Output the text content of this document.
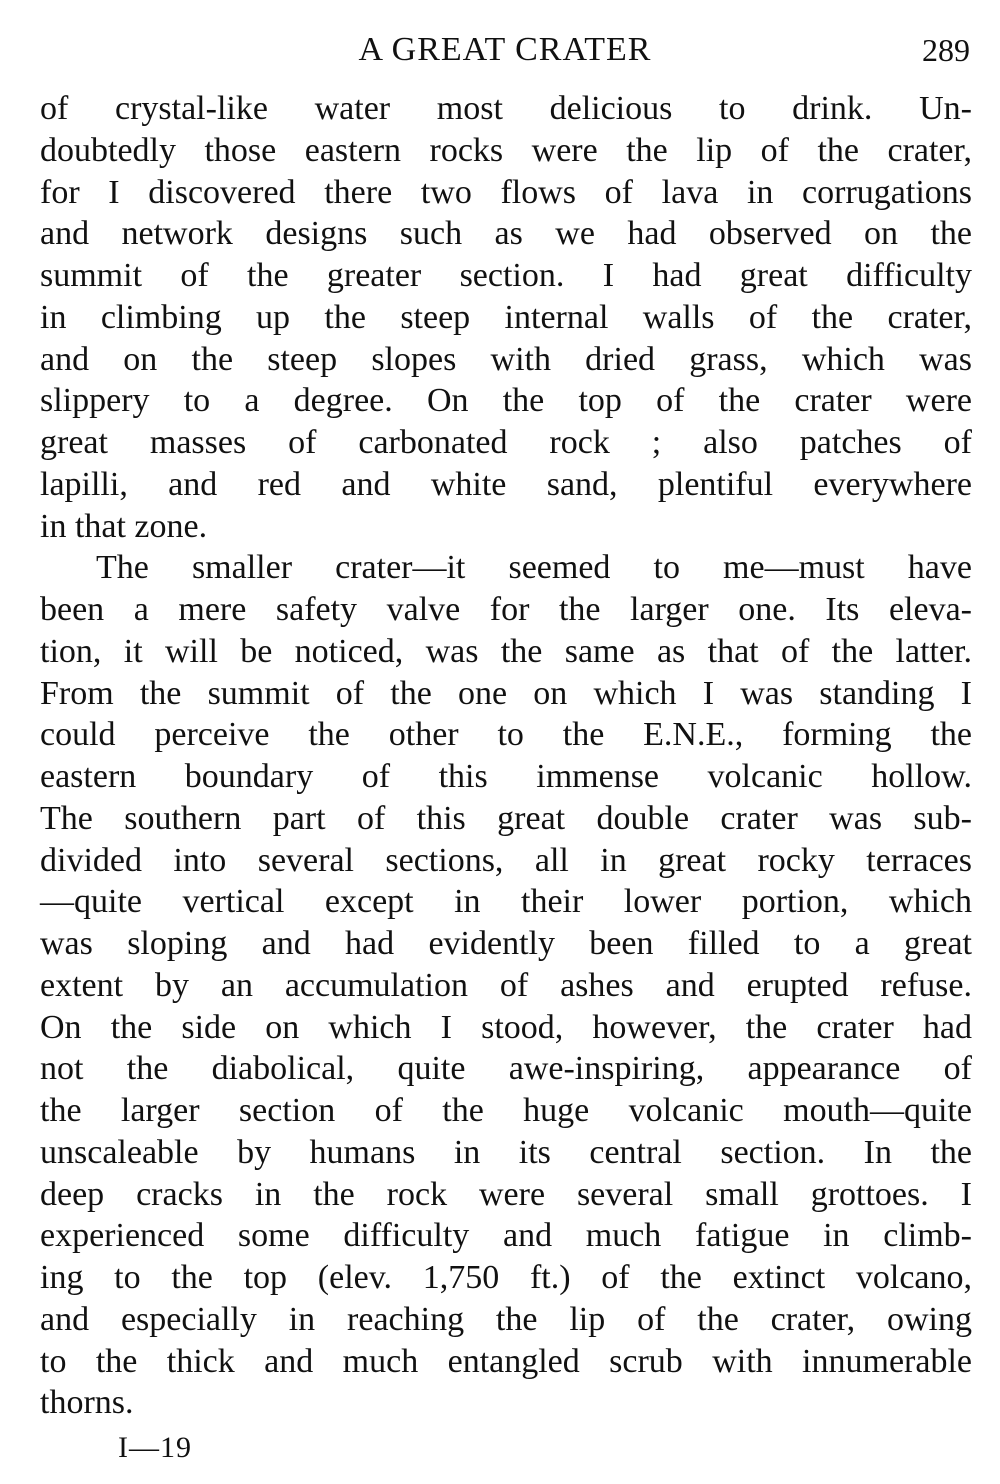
A GREAT CRATER	289
of crystal-like water most delicious to drink. Un-
doubtedly those eastern rocks were the lip of the crater,
for I discovered there two flows of lava in corrugations
and network designs such as we had observed on the
summit of the greater section. I had great difficulty
in climbing up the steep internal walls of the crater,
and on the steep slopes with dried grass, which was
slippery to a degree. On the top of the crater were
great masses of carbonated rock ; also patches of
lapilli, and red and white sand, plentiful everywhere
in that zone.
The smaller crater—it seemed to me—must have
been a mere safety valve for the larger one. Its eleva-
tion, it will be noticed, was the same as that of the latter.
From the summit of the one on which I was standing I
could perceive the other to the E.N.E., forming the
eastern boundary of this immense volcanic hollow.
The southern part of this great double crater was sub-
divided into several sections, all in great rocky terraces
—quite vertical except in their lower portion, which
was sloping and had evidently been filled to a great
extent by an accumulation of ashes and erupted refuse.
On the side on which I stood, however, the crater had
not the diabolical, quite awe-inspiring, appearance of
the larger section of the huge volcanic mouth—quite
unscaleable by humans in its central section. In the
deep cracks in the rock were several small grottoes. I
experienced some difficulty and much fatigue in climb-
ing to the top (elev. 1,750 ft.) of the extinct volcano,
and especially in reaching the lip of the crater, owing
to the thick and much entangled scrub with innumerable
thorns.
I—19
